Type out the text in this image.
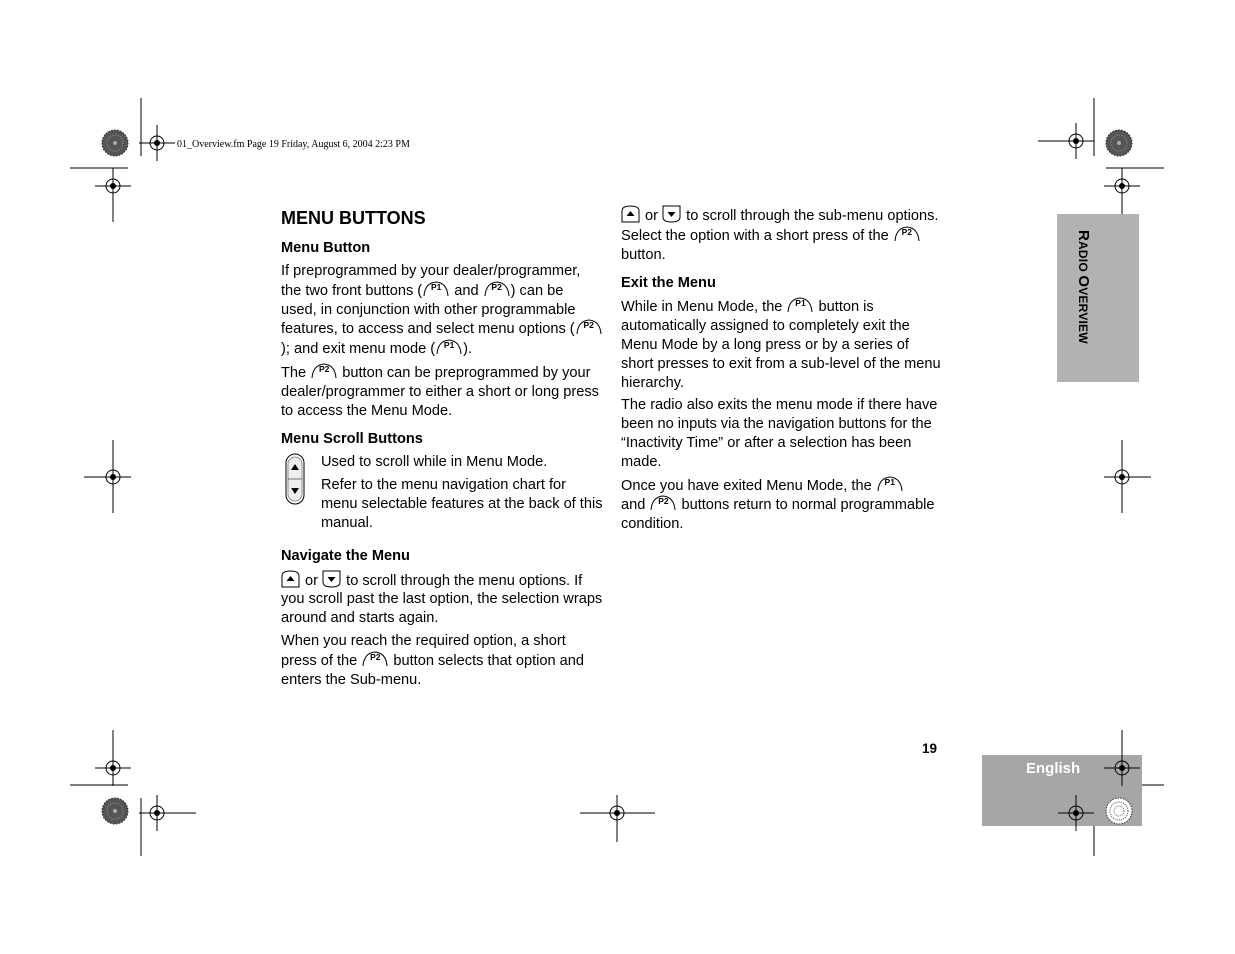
01_Overview.fm Page 19 Friday, August 6, 2004 2:23 PM
RADIO OVERVIEW
English
19
MENU BUTTONS
Menu Button

If preprogrammed by your dealer/programmer, the two front buttons (	P1 and	P2 ) can be used, in conjunction with other programmable features, to access and select menu options (	P2
); and exit menu mode (	P1 ).

The	P2 button can be preprogrammed by your dealer/programmer to either a short or long press to access the Menu Mode.

Menu Scroll Buttons

Used to scroll while in Menu Mode.

Refer to the menu navigation chart for menu selectable features at the back of this manual.

Navigate the Menu

or  to scroll through the menu options. If you scroll past the last option, the selection wraps around and starts again.

When you reach the required option, a short press of the	P2 button selects that option and enters the Sub-menu.

or  to scroll through the sub-menu options. Select the option with a short press of the	P2
button.

Exit the Menu

While in Menu Mode, the	P1 button is automatically assigned to completely exit the Menu Mode by a long press or by a series of short presses to exit from a sub-level of the menu hierarchy.

The radio also exits the menu mode if there have been no inputs via the navigation buttons for the “Inactivity Time” or after a selection has been made.

Once you have exited Menu Mode, the	P1

and	P2 buttons return to normal programmable condition.
